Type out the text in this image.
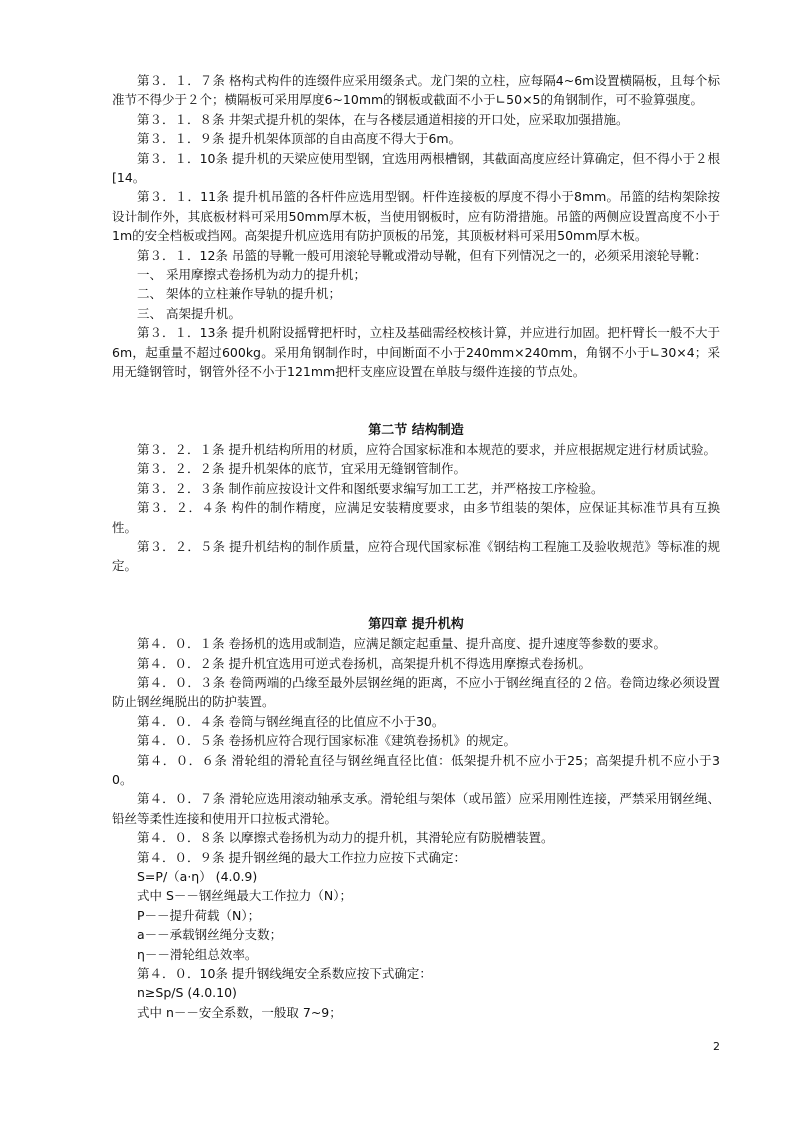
第３．１．７条 格构式构件的连缀件应采用缀条式。龙门架的立柱，应每隔4~6m设置横隔板，且每个标准节不得少于２个；横隔板可采用厚度6~10mm的钢板或截面不小于∟50×5的角钢制作，可不验算强度。

第３．１．８条 井架式提升机的架体，在与各楼层通道相接的开口处，应采取加强措施。

第３．１．９条 提升机架体顶部的自由高度不得大于6m。

第３．１．10条 提升机的天梁应使用型钢，宜选用两根槽钢，其截面高度应经计算确定，但不得小于２根[14。

第３．１．11条 提升机吊篮的各杆件应选用型钢。杆件连接板的厚度不得小于8mm。吊篮的结构架除按设计制作外，其底板材料可采用50mm厚木板，当使用钢板时，应有防滑措施。吊篮的两侧应设置高度不小于1m的安全档板或挡网。高架提升机应选用有防护顶板的吊笼，其顶板材料可采用50mm厚木板。

第３．１．12条 吊篮的导靴一般可用滚轮导靴或滑动导靴，但有下列情况之一的，必须采用滚轮导靴：

一、 采用摩擦式卷扬机为动力的提升机；

二、 架体的立柱兼作导轨的提升机；

三、 高架提升机。

第３．１．13条 提升机附设摇臂把杆时，立柱及基础需经校核计算，并应进行加固。把杆臂长一般不大于6m，起重量不超过600kg。采用角钢制作时，中间断面不小于240mm×240mm，角钢不小于∟30×4；采用无缝钢管时，钢管外径不小于121mm把杆支座应设置在单肢与缀件连接的节点处。

第二节 结构制造

第３．２．１条 提升机结构所用的材质，应符合国家标准和本规范的要求，并应根据规定进行材质试验。

第３．２．２条 提升机架体的底节，宜采用无缝钢管制作。

第３．２．３条 制作前应按设计文件和图纸要求编写加工工艺，并严格按工序检验。

第３．２．４条 构件的制作精度，应满足安装精度要求，由多节组装的架体，应保证其标准节具有互换性。

第３．２．５条 提升机结构的制作质量，应符合现代国家标准《钢结构工程施工及验收规范》等标准的规定。

第四章 提升机构

第４．０．１条 卷扬机的选用或制造，应满足额定起重量、提升高度、提升速度等参数的要求。

第４．０．２条 提升机宜选用可逆式卷扬机，高架提升机不得选用摩擦式卷扬机。

第４．０．３条 卷筒两端的凸缘至最外层钢丝绳的距离，不应小于钢丝绳直径的２倍。卷筒边缘必须设置防止钢丝绳脱出的防护装置。

第４．０．４条 卷筒与钢丝绳直径的比值应不小于30。

第４．０．５条 卷扬机应符合现行国家标准《建筑卷扬机》的规定。

第４．０．６条 滑轮组的滑轮直径与钢丝绳直径比值：低架提升机不应小于25；高架提升机不应小于30。

第４．０．７条 滑轮应选用滚动轴承支承。滑轮组与架体（或吊篮）应采用刚性连接，严禁采用钢丝绳、铅丝等柔性连接和使用开口拉板式滑轮。

第４．０．８条 以摩擦式卷扬机为动力的提升机，其滑轮应有防脱槽装置。

第４．０．９条 提升钢丝绳的最大工作拉力应按下式确定：

S=P/（a·η） (4.0.9)

式中 S－－钢丝绳最大工作拉力（N）；

P－－提升荷载（N）；

a－－承载钢丝绳分支数；

η－－滑轮组总效率。

第４．０．10条 提升钢线绳安全系数应按下式确定：

n≥Sp/S (4.0.10)

式中 n－－安全系数，一般取 7~9；

2
